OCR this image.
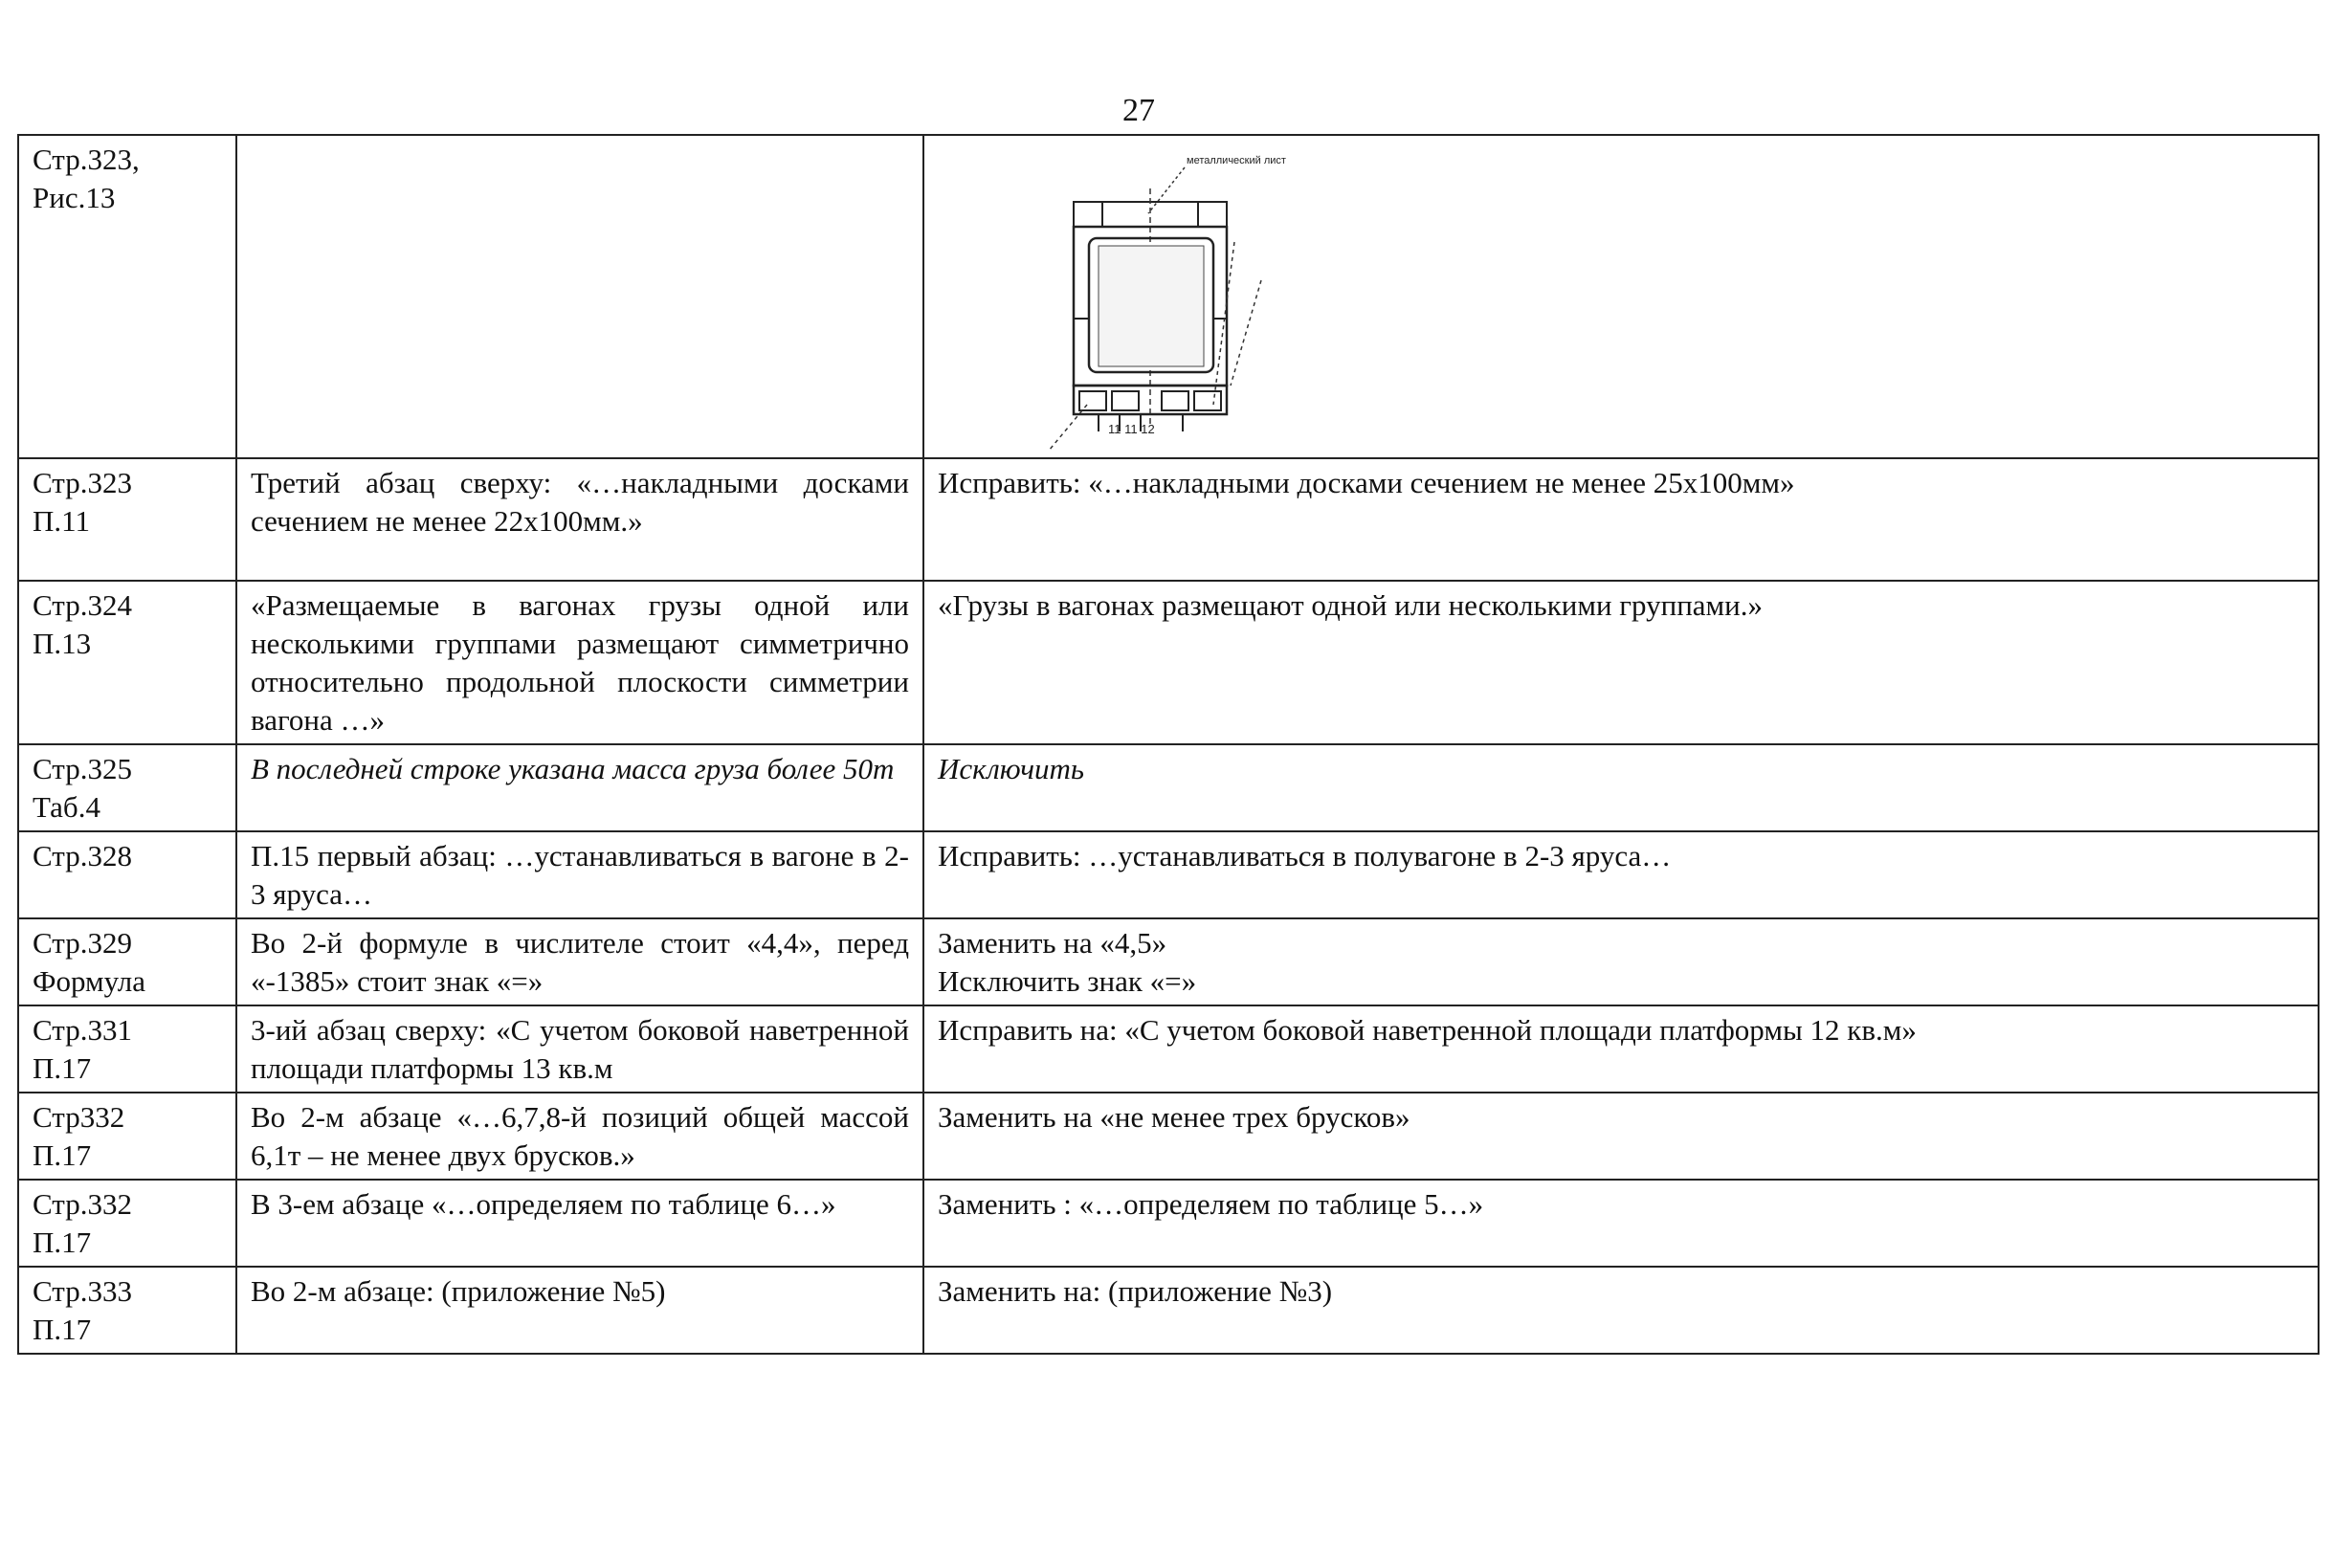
27
Стр.323,
Рис.13		металлический лист
11 11 12

Стр.323
П.11	Третий абзац сверху: «…накладными досками сечением не менее 22х100мм.»	Исправить: «…накладными досками сечением не менее 25х100мм»

Стр.324
П.13	«Размещаемые в вагонах грузы одной или несколькими группами размещают симметрично относительно продольной плоскости симметрии вагона …»	«Грузы в вагонах размещают одной или несколькими группами.»

Стр.325
Таб.4	В последней строке указана масса груза более 50т	Исключить

Стр.328	П.15 первый абзац: …устанавливаться в вагоне в 2-3 яруса…	Исправить: …устанавливаться в полувагоне в 2-3 яруса…

Стр.329
Формула	Во 2-й формуле в числителе стоит «4,4», перед «-1385» стоит знак «=»	Заменить на «4,5»
Исключить знак «=»

Стр.331
П.17	3-ий абзац сверху: «С учетом боковой наветренной площади платформы 13 кв.м	Исправить на: «С учетом боковой наветренной площади платформы 12 кв.м»

Стр332
П.17	Во 2-м абзаце «…6,7,8-й позиций общей массой 6,1т – не менее двух брусков.»	Заменить на «не менее трех брусков»

Стр.332
П.17	В 3-ем абзаце «…определяем по таблице 6…»	Заменить : «…определяем по таблице 5…»

Стр.333
П.17	Во 2-м абзаце: (приложение №5)	Заменить на: (приложение №3)
